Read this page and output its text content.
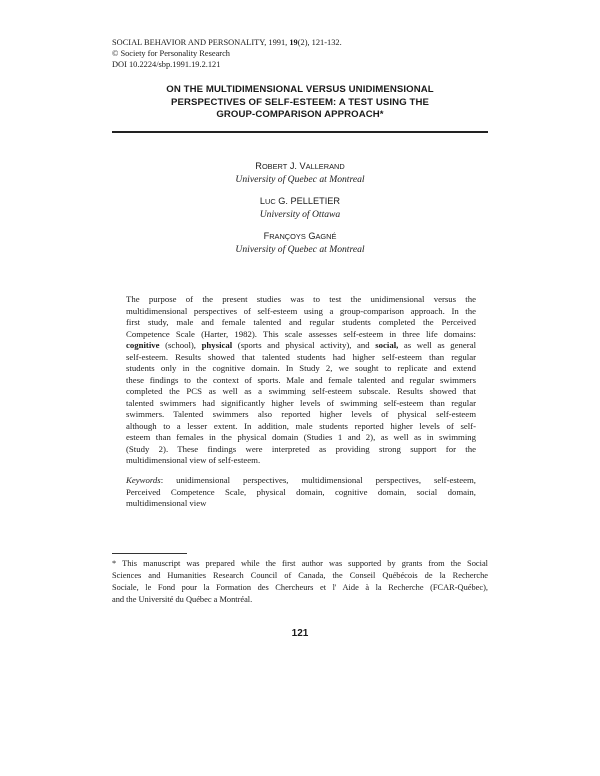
SOCIAL BEHAVIOR AND PERSONALITY, 1991, 19(2), 121-132.
© Society for Personality Research
DOI 10.2224/sbp.1991.19.2.121
ON THE MULTIDIMENSIONAL VERSUS UNIDIMENSIONAL
PERSPECTIVES OF SELF-ESTEEM: A TEST USING THE
GROUP-COMPARISON APPROACH*
ROBERT J. VALLERAND
University of Quebec at Montreal
LUC G. PELLETIER
University of Ottawa
FRANÇOYS GAGNÉ
University of Quebec at Montreal
The purpose of the present studies was to test the unidimensional versus the
multidimensional perspectives of self-esteem using a group-comparison approach. In the
first study, male and female talented and regular students completed the Perceived
Competence Scale (Harter, 1982). This scale assesses self-esteem in three life domains:
cognitive (school), physical (sports and physical activity), and social, as well as general
self-esteem. Results showed that talented students had higher self-esteem than regular
students only in the cognitive domain. In Study 2, we sought to replicate and extend
these findings to the context of sports. Male and female talented and regular swimmers
completed the PCS as well as a swimming self-esteem subscale. Results showed that
talented swimmers had significantly higher levels of swimming self-esteem than regular
swimmers. Talented swimmers also reported higher levels of physical self-esteem
although to a lesser extent. In addition, male students reported higher levels of self-
esteem than females in the physical domain (Studies 1 and 2), as well as in swimming
(Study 2). These findings were interpreted as providing strong support for the
multidimensional view of self-esteem.
Keywords: unidimensional perspectives, multidimensional perspectives, self-esteem,
Perceived Competence Scale, physical domain, cognitive domain, social domain,
multidimensional view
* This manuscript was prepared while the first author was supported by grants from the Social
Sciences and Humanities Research Council of Canada, the Conseil Québécois de la Recherche
Sociale, le Fond pour la Formation des Chercheurs et l' Aide à la Recherche (FCAR-Québec),
and the Université du Québec a Montréal.
121
